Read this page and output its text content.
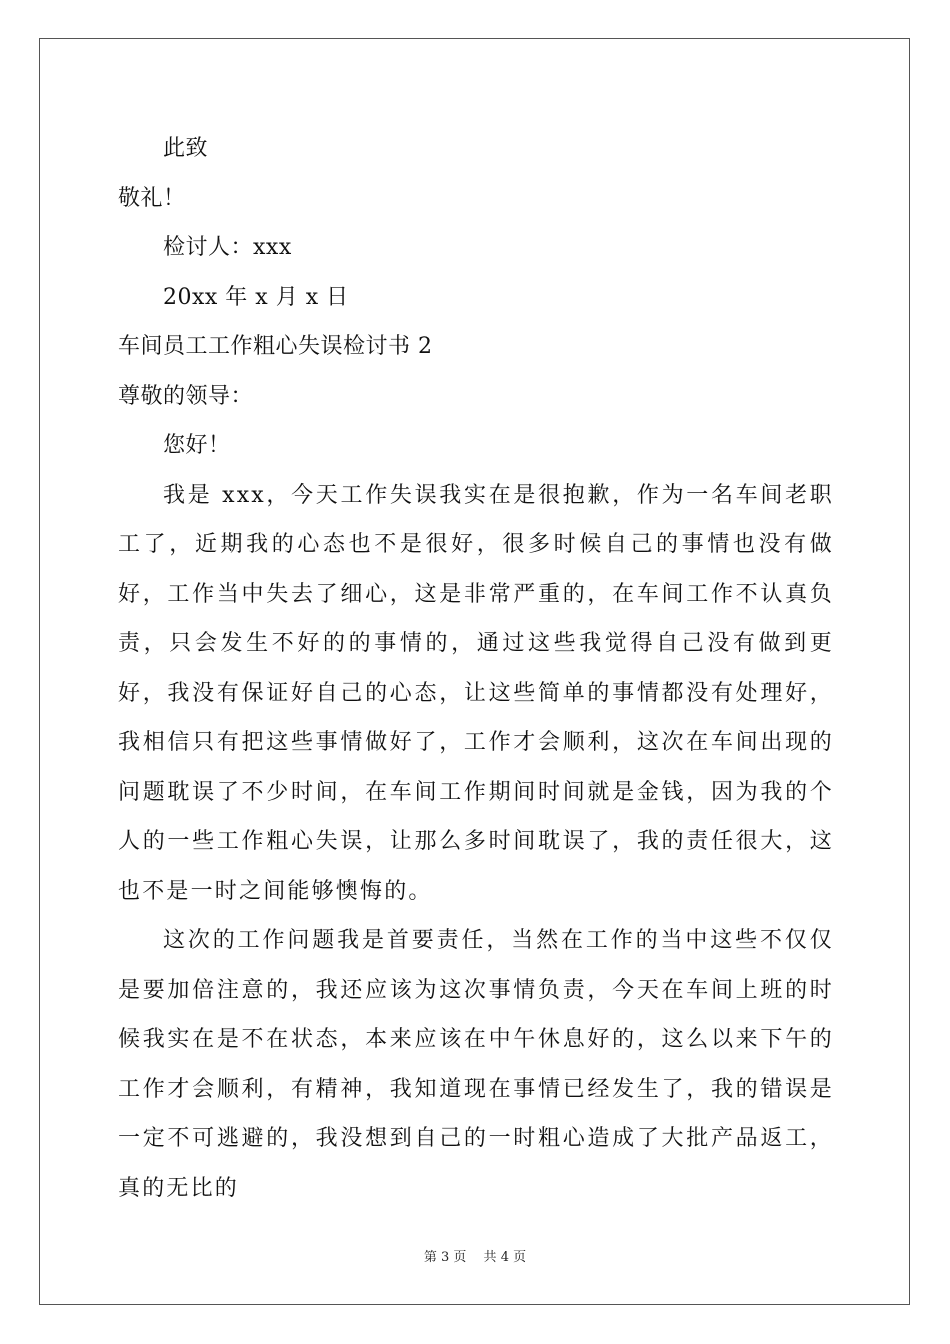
此致
敬礼！
检讨人：xxx
20xx 年 x 月 x 日
车间员工工作粗心失误检讨书 2
尊敬的领导：
您好！

我是 xxx，今天工作失误我实在是很抱歉，作为一名车间老职工了，近期我的心态也不是很好，很多时候自己的事情也没有做好，工作当中失去了细心，这是非常严重的，在车间工作不认真负责，只会发生不好的的事情的，通过这些我觉得自己没有做到更好，我没有保证好自己的心态，让这些简单的事情都没有处理好，我相信只有把这些事情做好了，工作才会顺利，这次在车间出现的问题耽误了不少时间，在车间工作期间时间就是金钱，因为我的个人的一些工作粗心失误，让那么多时间耽误了，我的责任很大，这也不是一时之间能够懊悔的。

这次的工作问题我是首要责任，当然在工作的当中这些不仅仅是要加倍注意的，我还应该为这次事情负责，今天在车间上班的时候我实在是不在状态，本来应该在中午休息好的，这么以来下午的工作才会顺利，有精神，我知道现在事情已经发生了，我的错误是一定不可逃避的，我没想到自己的一时粗心造成了大批产品返工，真的无比的

第 3 页　 共 4 页
